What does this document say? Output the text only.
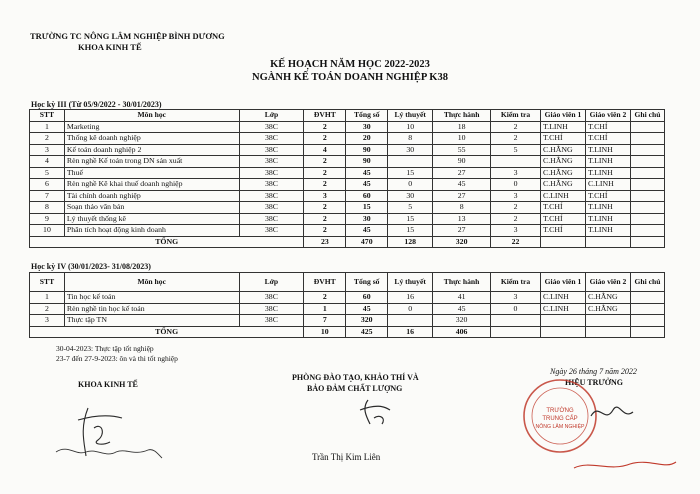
TRƯỜNG TC NÔNG LÂM NGHIỆP BÌNH DƯƠNG
KHOA KINH TẾ
KẾ HOẠCH NĂM HỌC 2022-2023
NGÀNH KẾ TOÁN DOANH NGHIỆP K38
Học kỳ III (Từ 05/9/2022 - 30/01/2023)
STT	Môn học	Lớp	ĐVHT	Tổng số	Lý thuyết	Thực hành	Kiểm tra	Giáo viên 1	Giáo viên 2	Ghi chú
1	Marketing	38C	2	30	10	18	2	T.LINH	T.CHÍ	
2	Thống kê doanh nghiệp	38C	2	20	8	10	2	T.CHÍ	T.CHÍ	
3	Kế toán doanh nghiệp 2	38C	4	90	30	55	5	C.HẰNG	T.LINH	
4	Rèn nghề Kế toán trong DN sản xuất	38C	2	90		90		C.HẰNG	T.LINH	
5	Thuế	38C	2	45	15	27	3	C.HẰNG	T.LINH	
6	Rèn nghề Kê khai thuế doanh nghiệp	38C	2	45	0	45	0	C.HẰNG	C.LINH	
7	Tài chính doanh nghiệp	38C	3	60	30	27	3	C.LINH	T.CHÍ	
8	Soạn thảo văn bản	38C	2	15	5	8	2	T.CHÍ	T.LINH	
9	Lý thuyết thống kê	38C	2	30	15	13	2	T.CHÍ	T.LINH	
10	Phân tích hoạt động kinh doanh	38C	2	45	15	27	3	T.CHÍ	T.LINH	
TỔNG			23	470	128	320	22			
Học kỳ IV (30/01/2023- 31/08/2023)
STT	Môn học	Lớp	ĐVHT	Tổng số	Lý thuyết	Thực hành	Kiểm tra	Giáo viên 1	Giáo viên 2	Ghi chú
1	Tin học kế toán	38C	2	60	16	41	3	C.LINH	C.HẰNG	
2	Rèn nghề tin học kế toán	38C	1	45	0	45	0	C.LINH	C.HẰNG	
3	Thực tập TN	38C	7	320		320				
TỔNG			10	425	16	406				
30-04-2023: Thực tập tốt nghiệp
23-7 đến 27-9-2023: ôn và thi tốt nghiệp
KHOA KINH TẾ
PHÒNG ĐÀO TẠO, KHẢO THÍ VÀ
BẢO ĐẢM CHẤT LƯỢNG
Trần Thị Kim Liên
Ngày 26 tháng 7 năm 2022
HIỆU TRƯỞNG
TRƯỜNG
TRUNG CẤP
NÔNG LÂM NGHIỆP
